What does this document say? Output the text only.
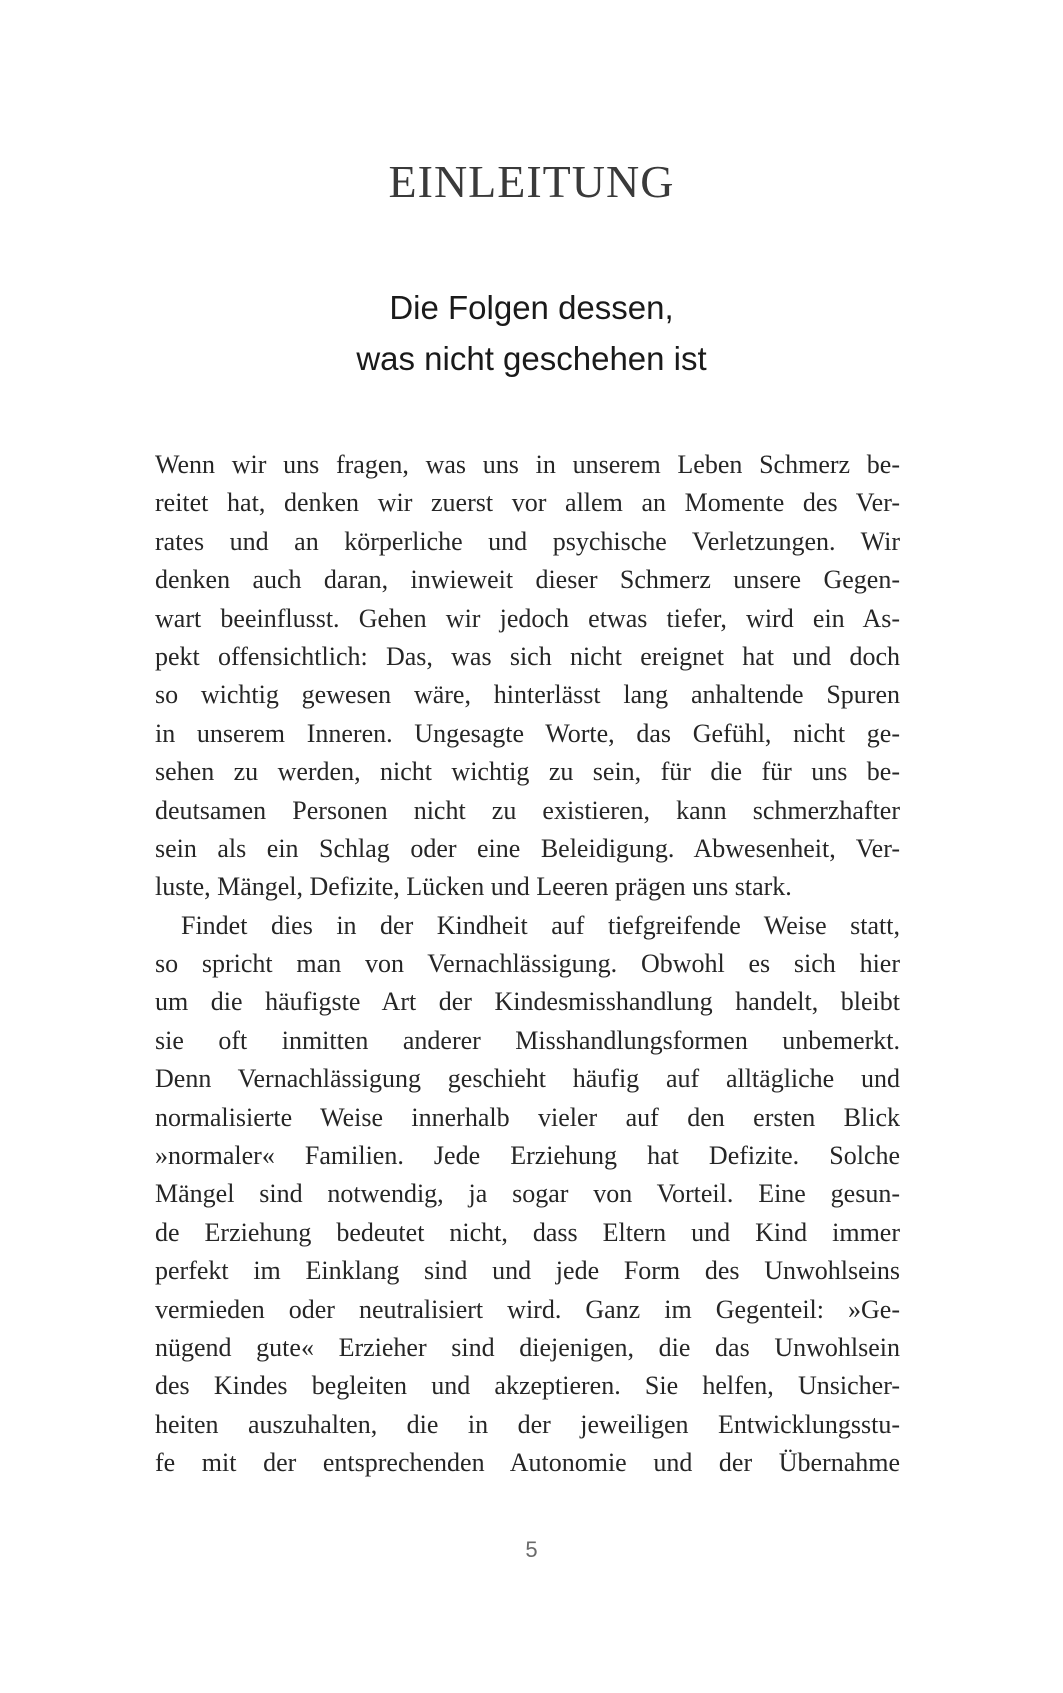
EINLEITUNG
Die Folgen dessen,
was nicht geschehen ist
Wenn wir uns fragen, was uns in unserem Leben Schmerz be-
reitet hat, denken wir zuerst vor allem an Momente des Ver-
rates und an körperliche und psychische Verletzungen. Wir
denken auch daran, inwieweit dieser Schmerz unsere Gegen-
wart beeinflusst. Gehen wir jedoch etwas tiefer, wird ein As-
pekt offensichtlich: Das, was sich nicht ereignet hat und doch
so wichtig gewesen wäre, hinterlässt lang anhaltende Spuren
in unserem Inneren. Ungesagte Worte, das Gefühl, nicht ge-
sehen zu werden, nicht wichtig zu sein, für die für uns be-
deutsamen Personen nicht zu existieren, kann schmerzhafter
sein als ein Schlag oder eine Beleidigung. Abwesenheit, Ver-
luste, Mängel, Defizite, Lücken und Leeren prägen uns stark.
Findet dies in der Kindheit auf tiefgreifende Weise statt,
so spricht man von Vernachlässigung. Obwohl es sich hier
um die häufigste Art der Kindesmisshandlung handelt, bleibt
sie oft inmitten anderer Misshandlungsformen unbemerkt.
Denn Vernachlässigung geschieht häufig auf alltägliche und
normalisierte Weise innerhalb vieler auf den ersten Blick
»normaler« Familien. Jede Erziehung hat Defizite. Solche
Mängel sind notwendig, ja sogar von Vorteil. Eine gesun-
de Erziehung bedeutet nicht, dass Eltern und Kind immer
perfekt im Einklang sind und jede Form des Unwohlseins
vermieden oder neutralisiert wird. Ganz im Gegenteil: »Ge-
nügend gute« Erzieher sind diejenigen, die das Unwohlsein
des Kindes begleiten und akzeptieren. Sie helfen, Unsicher-
heiten auszuhalten, die in der jeweiligen Entwicklungsstu-
fe mit der entsprechenden Autonomie und der Übernahme
5
